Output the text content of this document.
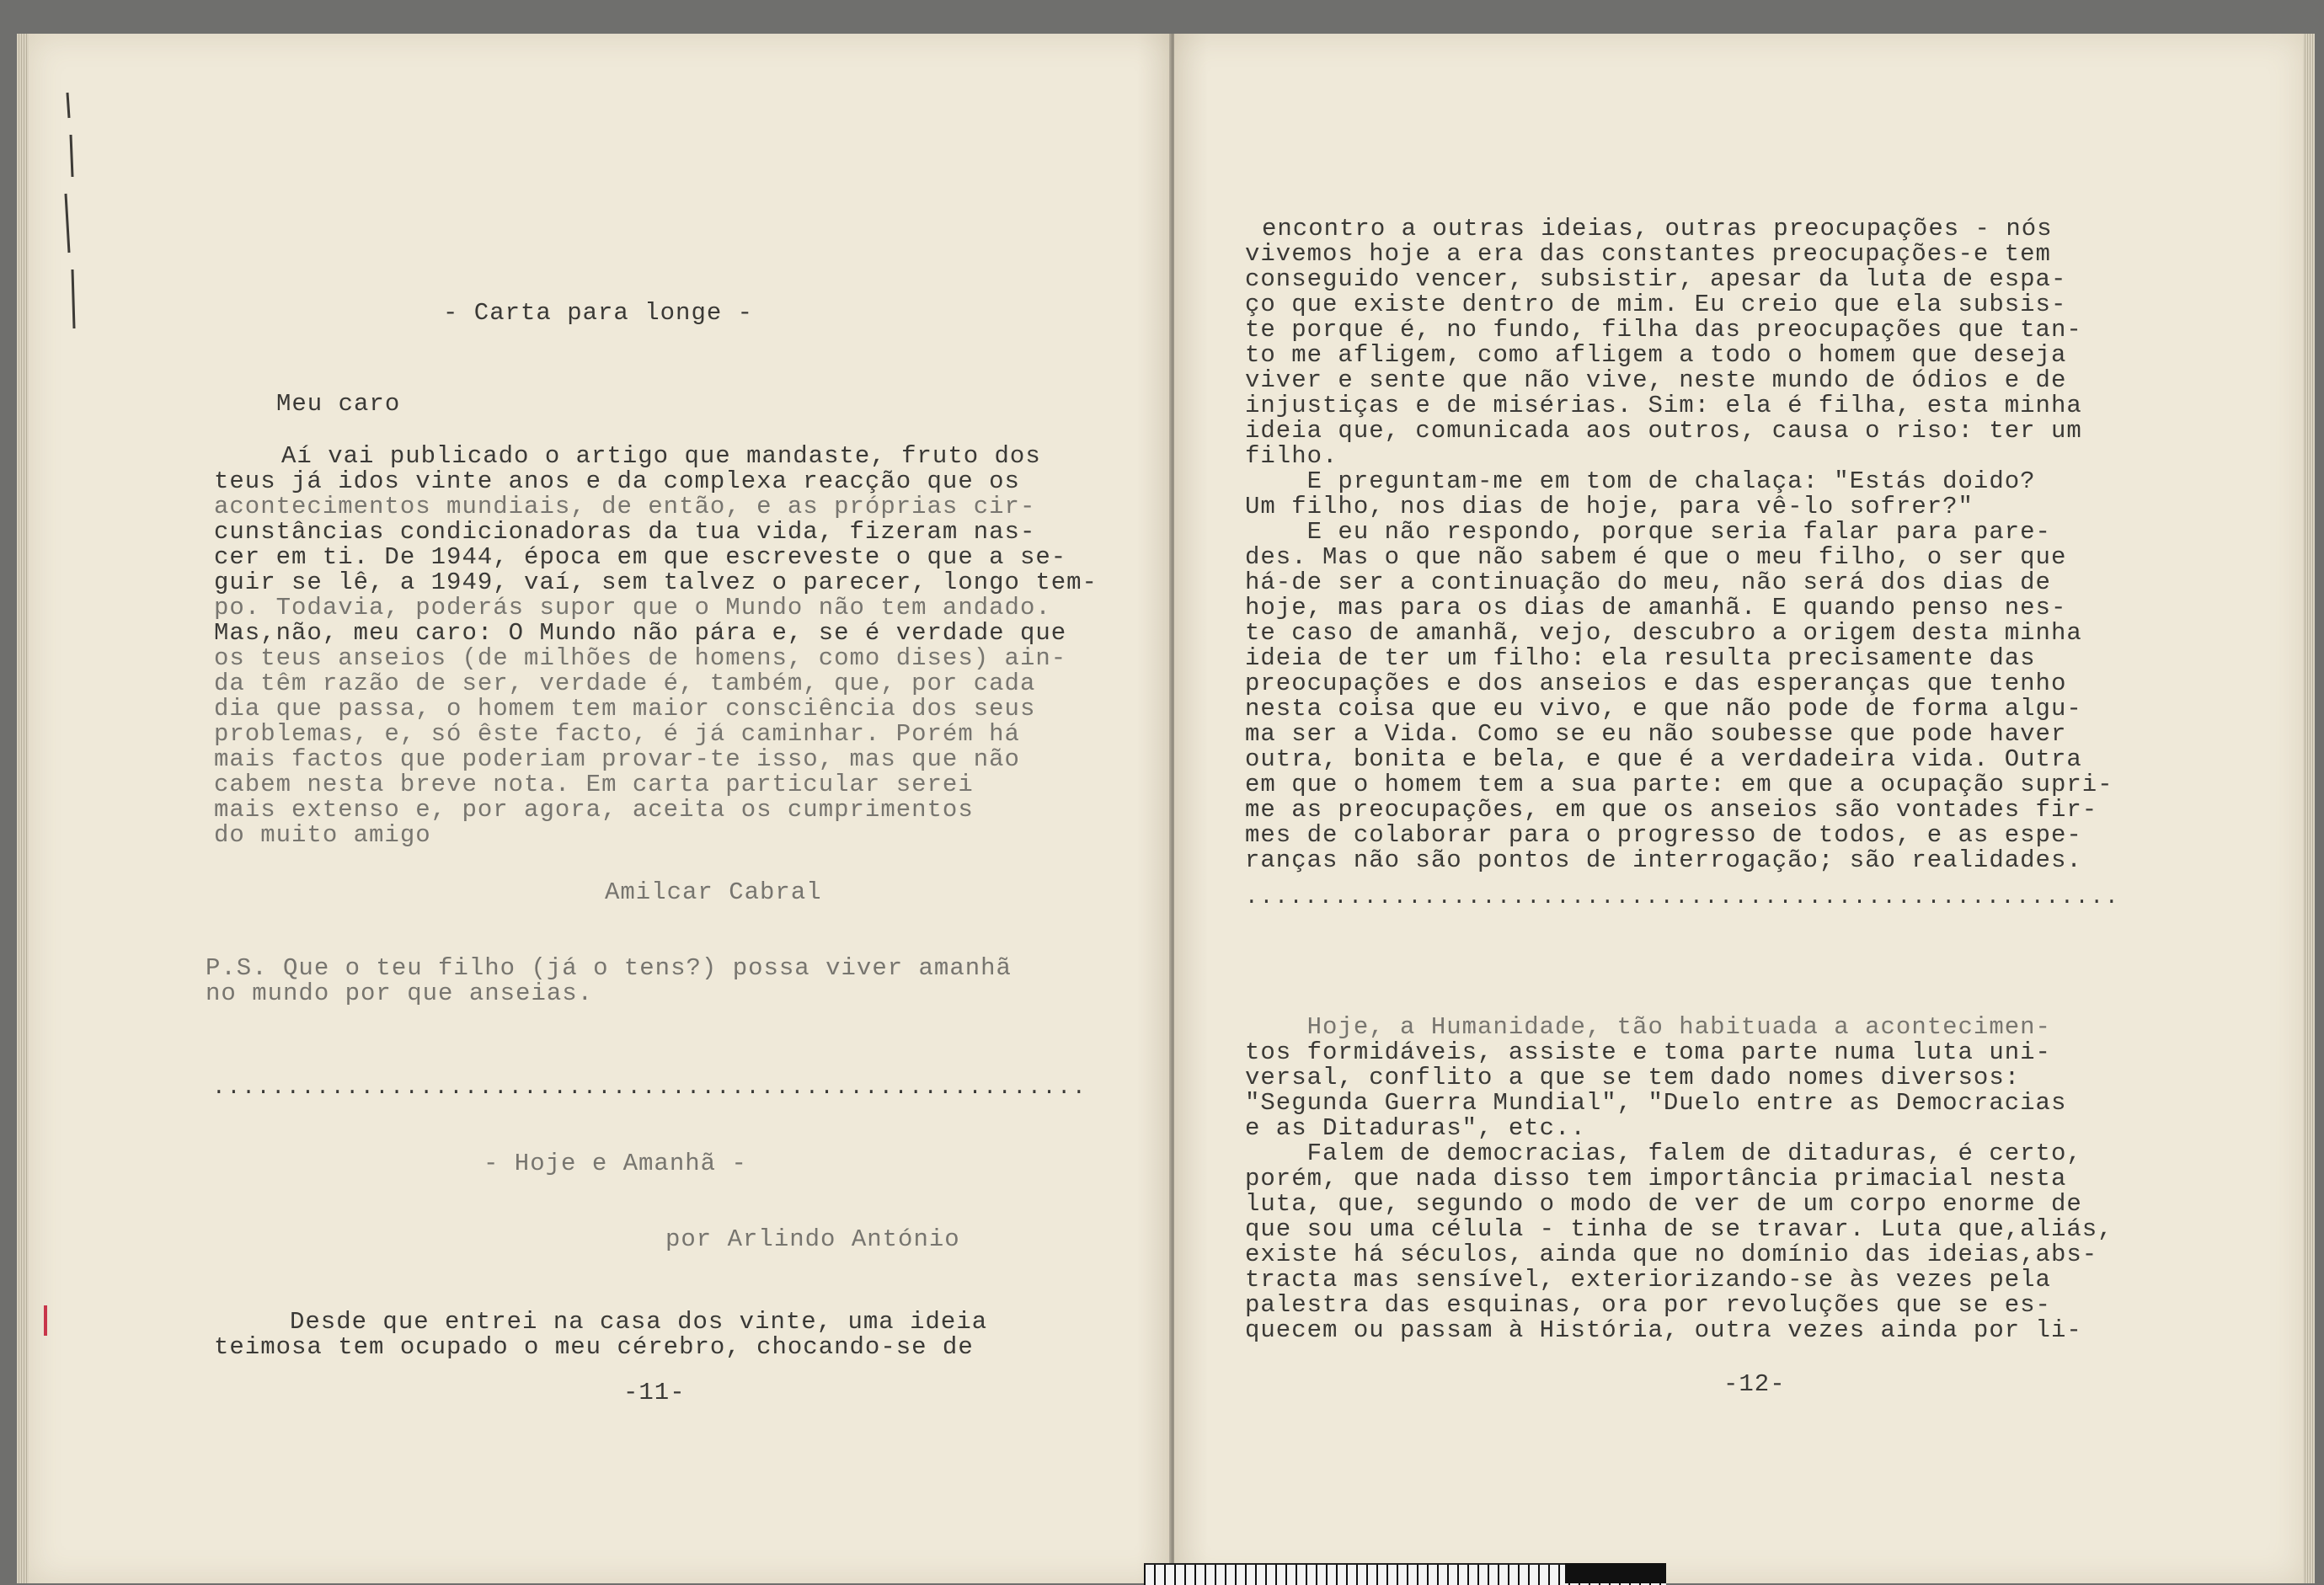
- Carta para longe -
Meu caro
Aí vai publicado o artigo que mandaste, fruto dos
teus já idos vinte anos e da complexa reacção que os
acontecimentos mundiais, de então, e as próprias cir-
cunstâncias condicionadoras da tua vida, fizeram nas-
cer em ti. De 1944, época em que escreveste o que a se-
guir se lê, a 1949, vaí, sem talvez o parecer, longo tem-
po. Todavia, poderás supor que o Mundo não tem andado.
Mas,não, meu caro: O Mundo não pára e, se é verdade que
os teus anseios (de milhões de homens, como dises) ain-
da têm razão de ser, verdade é, também, que, por cada
dia que passa, o homem tem maior consciência dos seus
problemas, e, só êste facto, é já caminhar. Porém há
mais factos que poderiam provar-te isso, mas que não
cabem nesta breve nota. Em carta particular serei
mais extenso e, por agora, aceita os cumprimentos
do muito amigo
Amilcar Cabral
P.S. Que o teu filho (já o tens?) possa viver amanhã
no mundo por que anseias.
...........................................................
- Hoje e Amanhã -
por Arlindo António
Desde que entrei na casa dos vinte, uma ideia
teimosa tem ocupado o meu cérebro, chocando-se de
-11-
encontro a outras ideias, outras preocupações - nós
vivemos hoje a era das constantes preocupações-e tem
conseguido vencer, subsistir, apesar da luta de espa-
ço que existe dentro de mim. Eu creio que ela subsis-
te porque é, no fundo, filha das preocupações que tan-
to me afligem, como afligem a todo o homem que deseja
viver e sente que não vive, neste mundo de ódios e de
injustiças e de misérias. Sim: ela é filha, esta minha
ideia que, comunicada aos outros, causa o riso: ter um
filho.
E preguntam-me em tom de chalaça: "Estás doido?
Um filho, nos dias de hoje, para vê-lo sofrer?"
E eu não respondo, porque seria falar para pare-
des. Mas o que não sabem é que o meu filho, o ser que
há-de ser a continuação do meu, não será dos dias de
hoje, mas para os dias de amanhã. E quando penso nes-
te caso de amanhã, vejo, descubro a origem desta minha
ideia de ter um filho: ela resulta precisamente das
preocupações e dos anseios e das esperanças que tenho
nesta coisa que eu vivo, e que não pode de forma algu-
ma ser a Vida. Como se eu não soubesse que pode haver
outra, bonita e bela, e que é a verdadeira vida. Outra
em que o homem tem a sua parte: em que a ocupação supri-
me as preocupações, em que os anseios são vontades fir-
mes de colaborar para o progresso de todos, e as espe-
ranças não são pontos de interrogação; são realidades.
...........................................................
Hoje, a Humanidade, tão habituada a acontecimen-
tos formidáveis, assiste e toma parte numa luta uni-
versal, conflito a que se tem dado nomes diversos:
"Segunda Guerra Mundial", "Duelo entre as Democracias
e as Ditaduras", etc..
Falem de democracias, falem de ditaduras, é certo,
porém, que nada disso tem importância primacial nesta
luta, que, segundo o modo de ver de um corpo enorme de
que sou uma célula - tinha de se travar. Luta que,aliás,
existe há séculos, ainda que no domínio das ideias,abs-
tracta mas sensível, exteriorizando-se às vezes pela
palestra das esquinas, ora por revoluções que se es-
quecem ou passam à História, outra vezes ainda por li-
-12-
